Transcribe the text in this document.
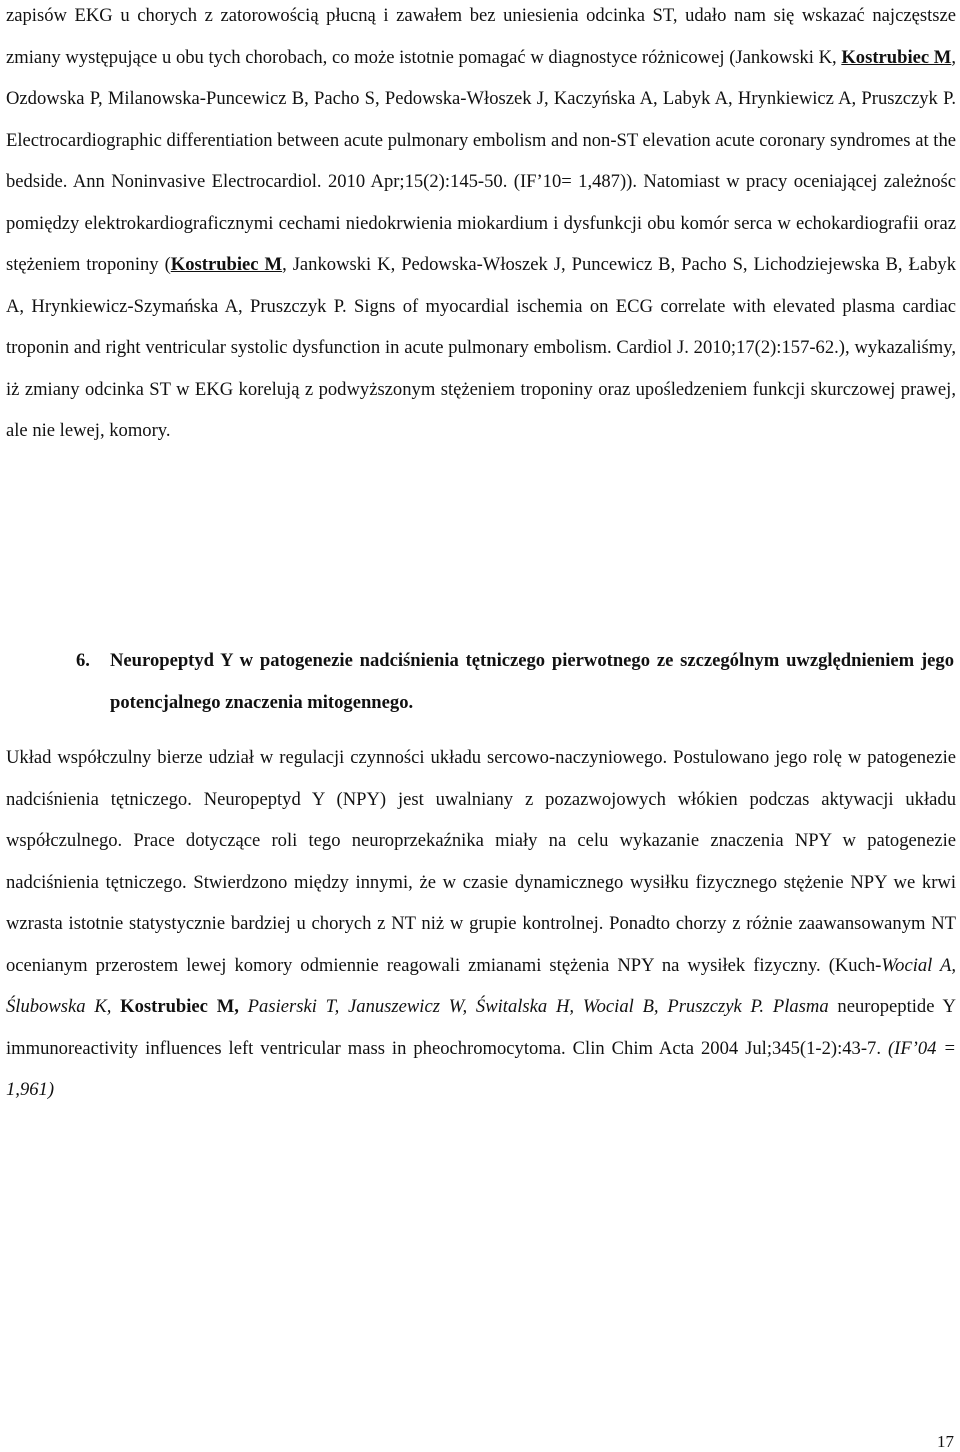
zapisów EKG u chorych z zatorowością płucną i zawałem bez uniesienia odcinka ST, udało nam się wskazać najczęstsze zmiany występujące u obu tych chorobach, co może istotnie pomagać w diagnostyce różnicowej (Jankowski K, Kostrubiec M, Ozdowska P, Milanowska-Puncewicz B, Pacho S, Pedowska-Włoszek J, Kaczyńska A, Labyk A, Hrynkiewicz A, Pruszczyk P. Electrocardiographic differentiation between acute pulmonary embolism and non-ST elevation acute coronary syndromes at the bedside. Ann Noninvasive Electrocardiol. 2010 Apr;15(2):145-50. (IF’10= 1,487)). Natomiast w pracy oceniającej zależnośc pomiędzy elektrokardiograficznymi cechami niedokrwienia miokardium i dysfunkcji obu komór serca w echokardiografii oraz stężeniem troponiny (Kostrubiec M, Jankowski K, Pedowska-Włoszek J, Puncewicz B, Pacho S, Lichodziejewska B, Łabyk A, Hrynkiewicz-Szymańska A, Pruszczyk P. Signs of myocardial ischemia on ECG correlate with elevated plasma cardiac troponin and right ventricular systolic dysfunction in acute pulmonary embolism. Cardiol J. 2010;17(2):157-62.), wykazaliśmy, iż zmiany odcinka ST w EKG korelują z podwyższonym stężeniem troponiny oraz upośledzeniem funkcji skurczowej prawej, ale nie lewej, komory.
6. Neuropeptyd Y w patogenezie nadciśnienia tętniczego pierwotnego ze szczególnym uwzględnieniem jego potencjalnego znaczenia mitogennego.
Układ współczulny bierze udział w regulacji czynności układu sercowo-naczyniowego. Postulowano jego rolę w patogenezie nadciśnienia tętniczego. Neuropeptyd Y (NPY) jest uwalniany z pozazwojowych włókien podczas aktywacji układu współczulnego. Prace dotyczące roli tego neuroprzekaźnika miały na celu wykazanie znaczenia NPY w patogenezie nadciśnienia tętniczego. Stwierdzono między innymi, że w czasie dynamicznego wysiłku fizycznego stężenie NPY we krwi wzrasta istotnie statystycznie bardziej u chorych z NT niż w grupie kontrolnej. Ponadto chorzy z różnie zaawansowanym NT ocenianym przerostem lewej komory odmiennie reagowali zmianami stężenia NPY na wysiłek fizyczny. (Kuch-Wocial A, Ślubowska K, Kostrubiec M, Pasierski T, Januszewicz W, Świtalska H, Wocial B, Pruszczyk P. Plasma neuropeptide Y immunoreactivity influences left ventricular mass in pheochromocytoma. Clin Chim Acta 2004 Jul;345(1-2):43-7. (IF’04 = 1,961)
17
